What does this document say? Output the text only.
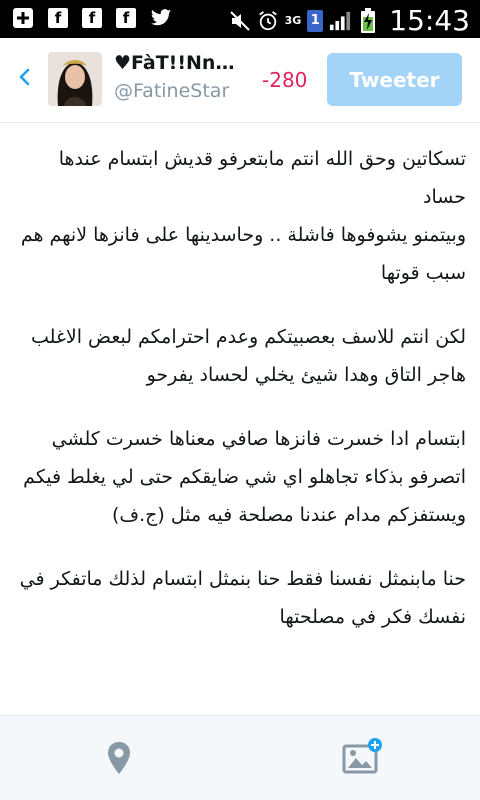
f	f	f	3G 1 15:43
♥FàT!!Nn…
@FatineStar -280	Tweeter

تسكاتين وحق الله انتم مابتعرفو قديش ابتسام عندها حساد
وبيتمنو يشوفوها فاشلة .. وحاسدينها على فانزها لانهم هم سبب قوتها

لكن انتم للاسف بعصبيتكم وعدم احترامكم لبعض الاغلب هاجر التاق وهدا شيئ يخلي لحساد يفرحو

ابتسام ادا خسرت فانزها صافي معناها خسرت كلشي اتصرفو بذكاء تجاهلو اي شي ضايقكم حتى لي يغلط فيكم ويستفزكم مدام عندنا مصلحة فيه مثل (ج.ف)

حنا مابنمثل نفسنا فقط حنا بنمثل ابتسام لذلك ماتفكر في نفسك فكر في مصلحتها
